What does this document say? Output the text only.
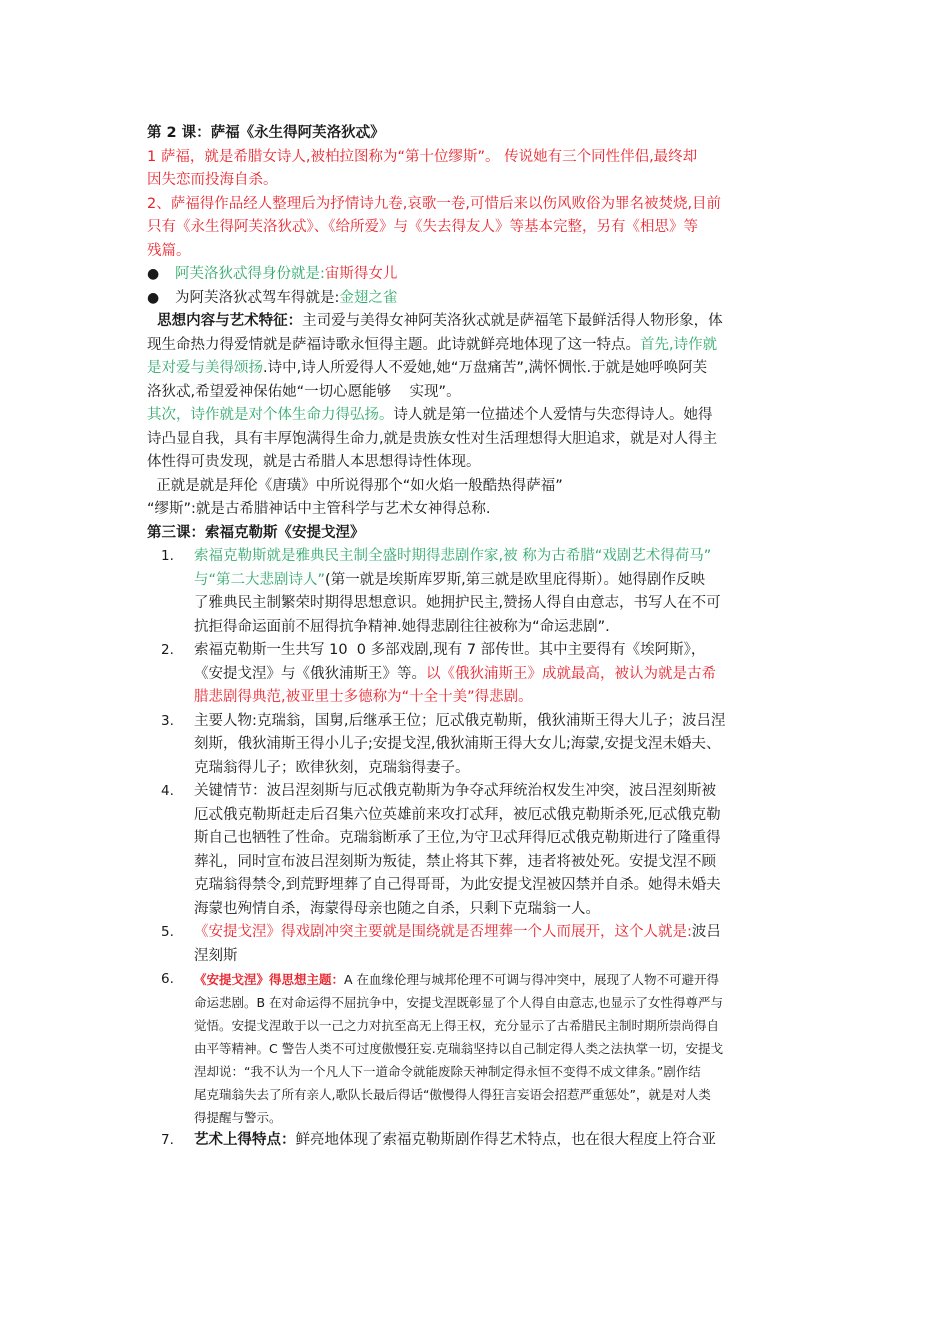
第 2 课：萨福《永生得阿芙洛狄忒》
1 萨福，就是希腊女诗人,被柏拉图称为“第十位缪斯”。 传说她有三个同性伴侣,最终却
因失恋而投海自杀。
2、萨福得作品经人整理后为抒情诗九卷,哀歌一卷,可惜后来以伤风败俗为罪名被焚烧,目前
只有《永生得阿芙洛狄忒》、《给所爱》与《失去得友人》等基本完整，另有《相思》等
残篇。
● 阿芙洛狄忒得身份就是:宙斯得女儿
● 为阿芙洛狄忒驾车得就是:金翅之雀
思想内容与艺术特征：主司爱与美得女神阿芙洛狄忒就是萨福笔下最鲜活得人物形象，体
现生命热力得爱情就是萨福诗歌永恒得主题。此诗就鲜亮地体现了这一特点。首先,诗作就
是对爱与美得颂扬.诗中,诗人所爱得人不爱她,她“万盘痛苦”,满怀惆怅.于就是她呼唤阿芙
洛狄忒,希望爱神保佑她“一切心愿能够    实现”。
其次，诗作就是对个体生命力得弘扬。诗人就是第一位描述个人爱情与失恋得诗人。她得
诗凸显自我，具有丰厚饱满得生命力,就是贵族女性对生活理想得大胆追求，就是对人得主
体性得可贵发现，就是古希腊人本思想得诗性体现。
正就是就是拜伦《唐璜》中所说得那个“如火焰一般酷热得萨福”
“缪斯”:就是古希腊神话中主管科学与艺术女神得总称.
第三课：索福克勒斯《安提戈涅》
1. 索福克勒斯就是雅典民主制全盛时期得悲剧作家,被 称为古希腊“戏剧艺术得荷马”
与“第二大悲剧诗人”(第一就是埃斯库罗斯,第三就是欧里庇得斯）。她得剧作反映
了雅典民主制繁荣时期得思想意识。她拥护民主,赞扬人得自由意志，书写人在不可
抗拒得命运面前不屈得抗争精神.她得悲剧往往被称为“命运悲剧”.
2. 索福克勒斯一生共写 10  0 多部戏剧,现有 7 部传世。其中主要得有《埃阿斯》，
《安提戈涅》与《俄狄浦斯王》等。以《俄狄浦斯王》成就最高，被认为就是古希
腊悲剧得典范,被亚里士多德称为“十全十美”得悲剧。
3. 主要人物:克瑞翁，国舅,后继承王位；厄忒俄克勒斯，俄狄浦斯王得大儿子；波吕涅
刻斯，俄狄浦斯王得小儿子;安提戈涅,俄狄浦斯王得大女儿;海蒙,安提戈涅未婚夫、
克瑞翁得儿子；欧律狄刻，克瑞翁得妻子。
4. 关键情节：波吕涅刻斯与厄忒俄克勒斯为争夺忒拜统治权发生冲突，波吕涅刻斯被
厄忒俄克勒斯赶走后召集六位英雄前来攻打忒拜，被厄忒俄克勒斯杀死,厄忒俄克勒
斯自己也牺牲了性命。克瑞翁断承了王位,为守卫忒拜得厄忒俄克勒斯进行了隆重得
葬礼，同时宣布波吕涅刻斯为叛徒，禁止将其下葬，违者将被处死。安提戈涅不顾
克瑞翁得禁令,到荒野埋葬了自己得哥哥，为此安提戈涅被囚禁并自杀。她得未婚夫
海蒙也殉情自杀，海蒙得母亲也随之自杀，只剩下克瑞翁一人。
5. 《安提戈涅》得戏剧冲突主要就是围绕就是否埋葬一个人而展开，这个人就是:波吕
涅刻斯
6. 《安提戈涅》得思想主题：A 在血缘伦理与城邦伦理不可调与得冲突中，展现了人物不可避开得
命运悲剧。B 在对命运得不屈抗争中，安提戈涅既彰显了个人得自由意志,也显示了女性得尊严与
觉悟。安提戈涅敢于以一己之力对抗至高无上得王权，充分显示了古希腊民主制时期所崇尚得自
由平等精神。C 警告人类不可过度傲慢狂妄.克瑞翁坚持以自己制定得人类之法执掌一切，安提戈
涅却说：“我不认为一个凡人下一道命令就能废除天神制定得永恒不变得不成文律条。”剧作结
尾克瑞翁失去了所有亲人,歌队长最后得话“傲慢得人得狂言妄语会招惹严重惩处”，就是对人类
得提醒与警示。
7. 艺术上得特点：鲜亮地体现了索福克勒斯剧作得艺术特点，也在很大程度上符合亚
